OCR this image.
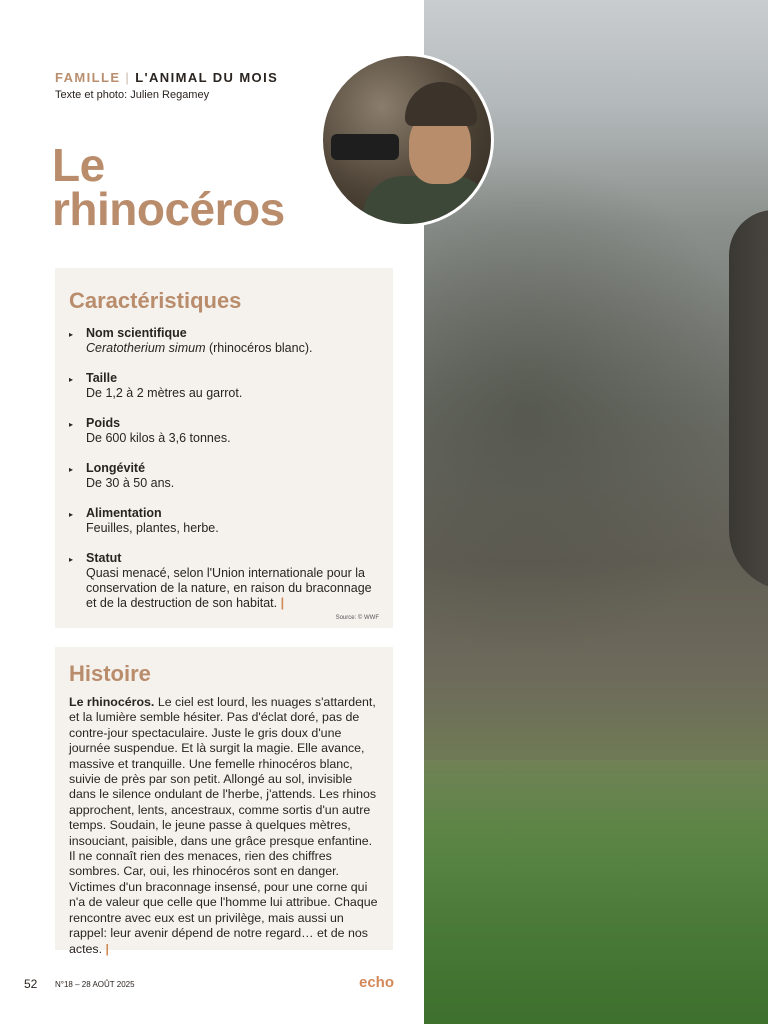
FAMILLE | L'ANIMAL DU MOIS
Texte et photo: Julien Regamey
Le
rhinocéros
Caractéristiques
▸ Nom scientifique
Ceratotherium simum (rhinocéros blanc).
▸ Taille
De 1,2 à 2 mètres au garrot.
▸ Poids
De 600 kilos à 3,6 tonnes.
▸ Longévité
De 30 à 50 ans.
▸ Alimentation
Feuilles, plantes, herbe.
▸ Statut
Quasi menacé, selon l'Union internationale pour la conservation de la nature, en raison du braconnage et de la destruction de son habitat. |
Source: © WWF
Histoire
Le rhinocéros. Le ciel est lourd, les nuages s'attardent, et la lumière semble hésiter. Pas d'éclat doré, pas de contre-jour spectaculaire. Juste le gris doux d'une journée suspendue. Et là surgit la magie. Elle avance, massive et tranquille. Une femelle rhinocéros blanc, suivie de près par son petit. Allongé au sol, invisible dans le silence ondulant de l'herbe, j'attends. Les rhinos approchent, lents, ancestraux, comme sortis d'un autre temps. Soudain, le jeune passe à quelques mètres, insouciant, paisible, dans une grâce presque enfantine. Il ne connaît rien des menaces, rien des chiffres sombres. Car, oui, les rhinocéros sont en danger. Victimes d'un braconnage insensé, pour une corne qui n'a de valeur que celle que l'homme lui attribue. Chaque rencontre avec eux est un privilège, mais aussi un rappel: leur avenir dépend de notre regard… et de nos actes. |
52 N°18 – 28 AOÛT 2025	echo
